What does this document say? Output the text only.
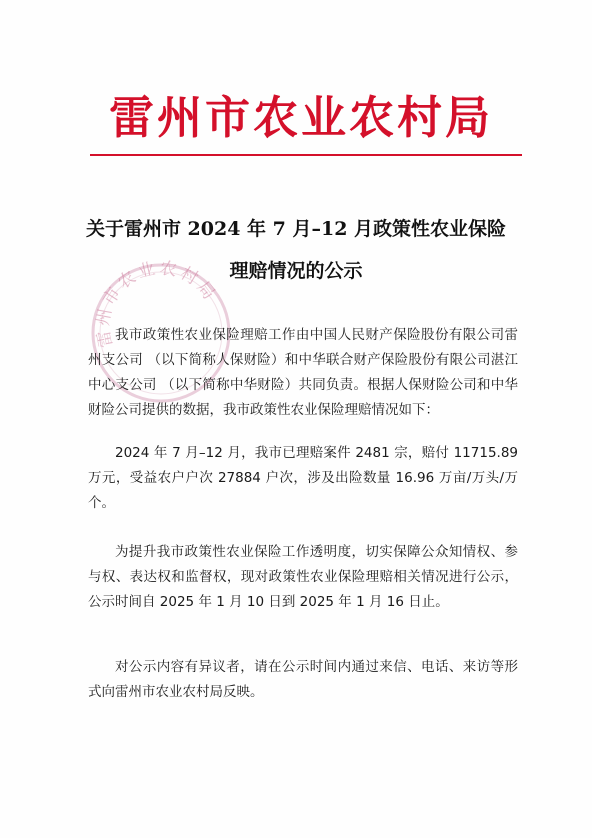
雷州市农业农村局
关于雷州市 2024 年 7 月–12 月政策性农业保险
理赔情况的公示
雷州市农业农村局

我市政策性农业保险理赔工作由中国人民财产保险股份有限公司雷州支公司 （以下简称人保财险）和中华联合财产保险股份有限公司湛江中心支公司 （以下简称中华财险）共同负责。根据人保财险公司和中华财险公司提供的数据，我市政策性农业保险理赔情况如下：

2024 年 7 月–12 月，我市已理赔案件 2481 宗，赔付 11715.89 万元，受益农户户次 27884 户次，涉及出险数量 16.96 万亩/万头/万个。

为提升我市政策性农业保险工作透明度，切实保障公众知情权、参与权、表达权和监督权，现对政策性农业保险理赔相关情况进行公示，公示时间自 2025 年 1 月 10 日到 2025 年 1 月 16 日止。

对公示内容有异议者，请在公示时间内通过来信、电话、来访等形式向雷州市农业农村局反映。
